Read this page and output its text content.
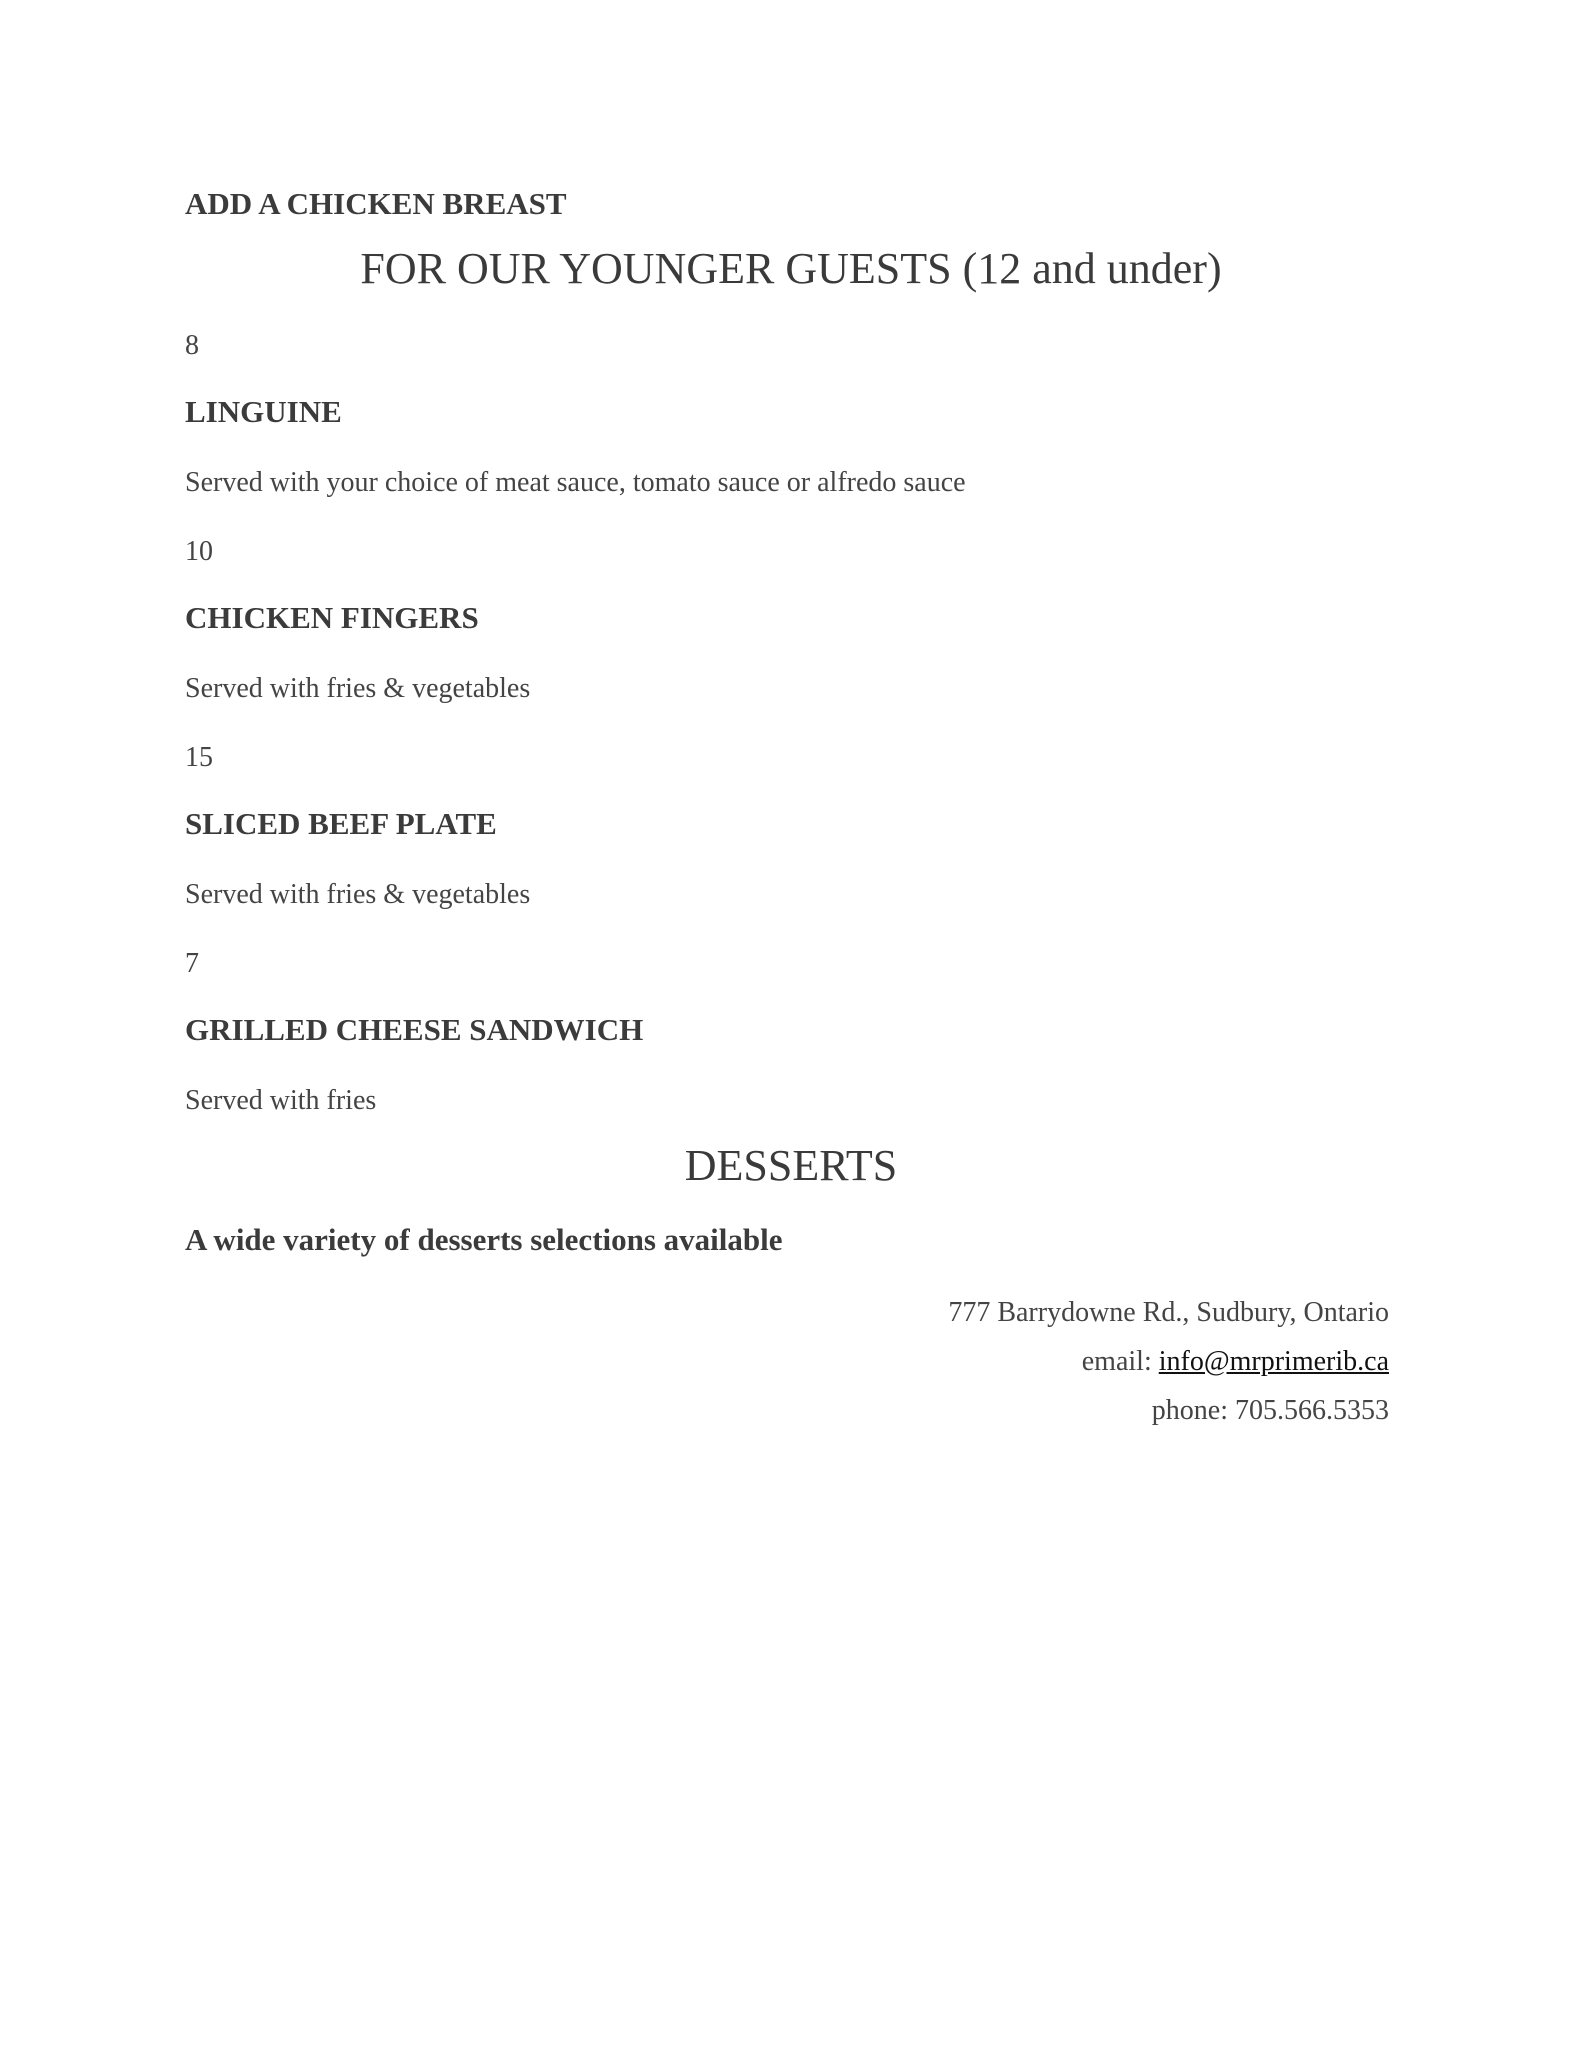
ADD A CHICKEN BREAST
FOR OUR YOUNGER GUESTS (12 and under)
8
LINGUINE
Served with your choice of meat sauce, tomato sauce or alfredo sauce
10
CHICKEN FINGERS
Served with fries & vegetables
15
SLICED BEEF PLATE
Served with fries & vegetables
7
GRILLED CHEESE SANDWICH
Served with fries
DESSERTS
A wide variety of desserts selections available
777 Barrydowne Rd., Sudbury, Ontario
email: info@mrprimerib.ca
phone: 705.566.5353
